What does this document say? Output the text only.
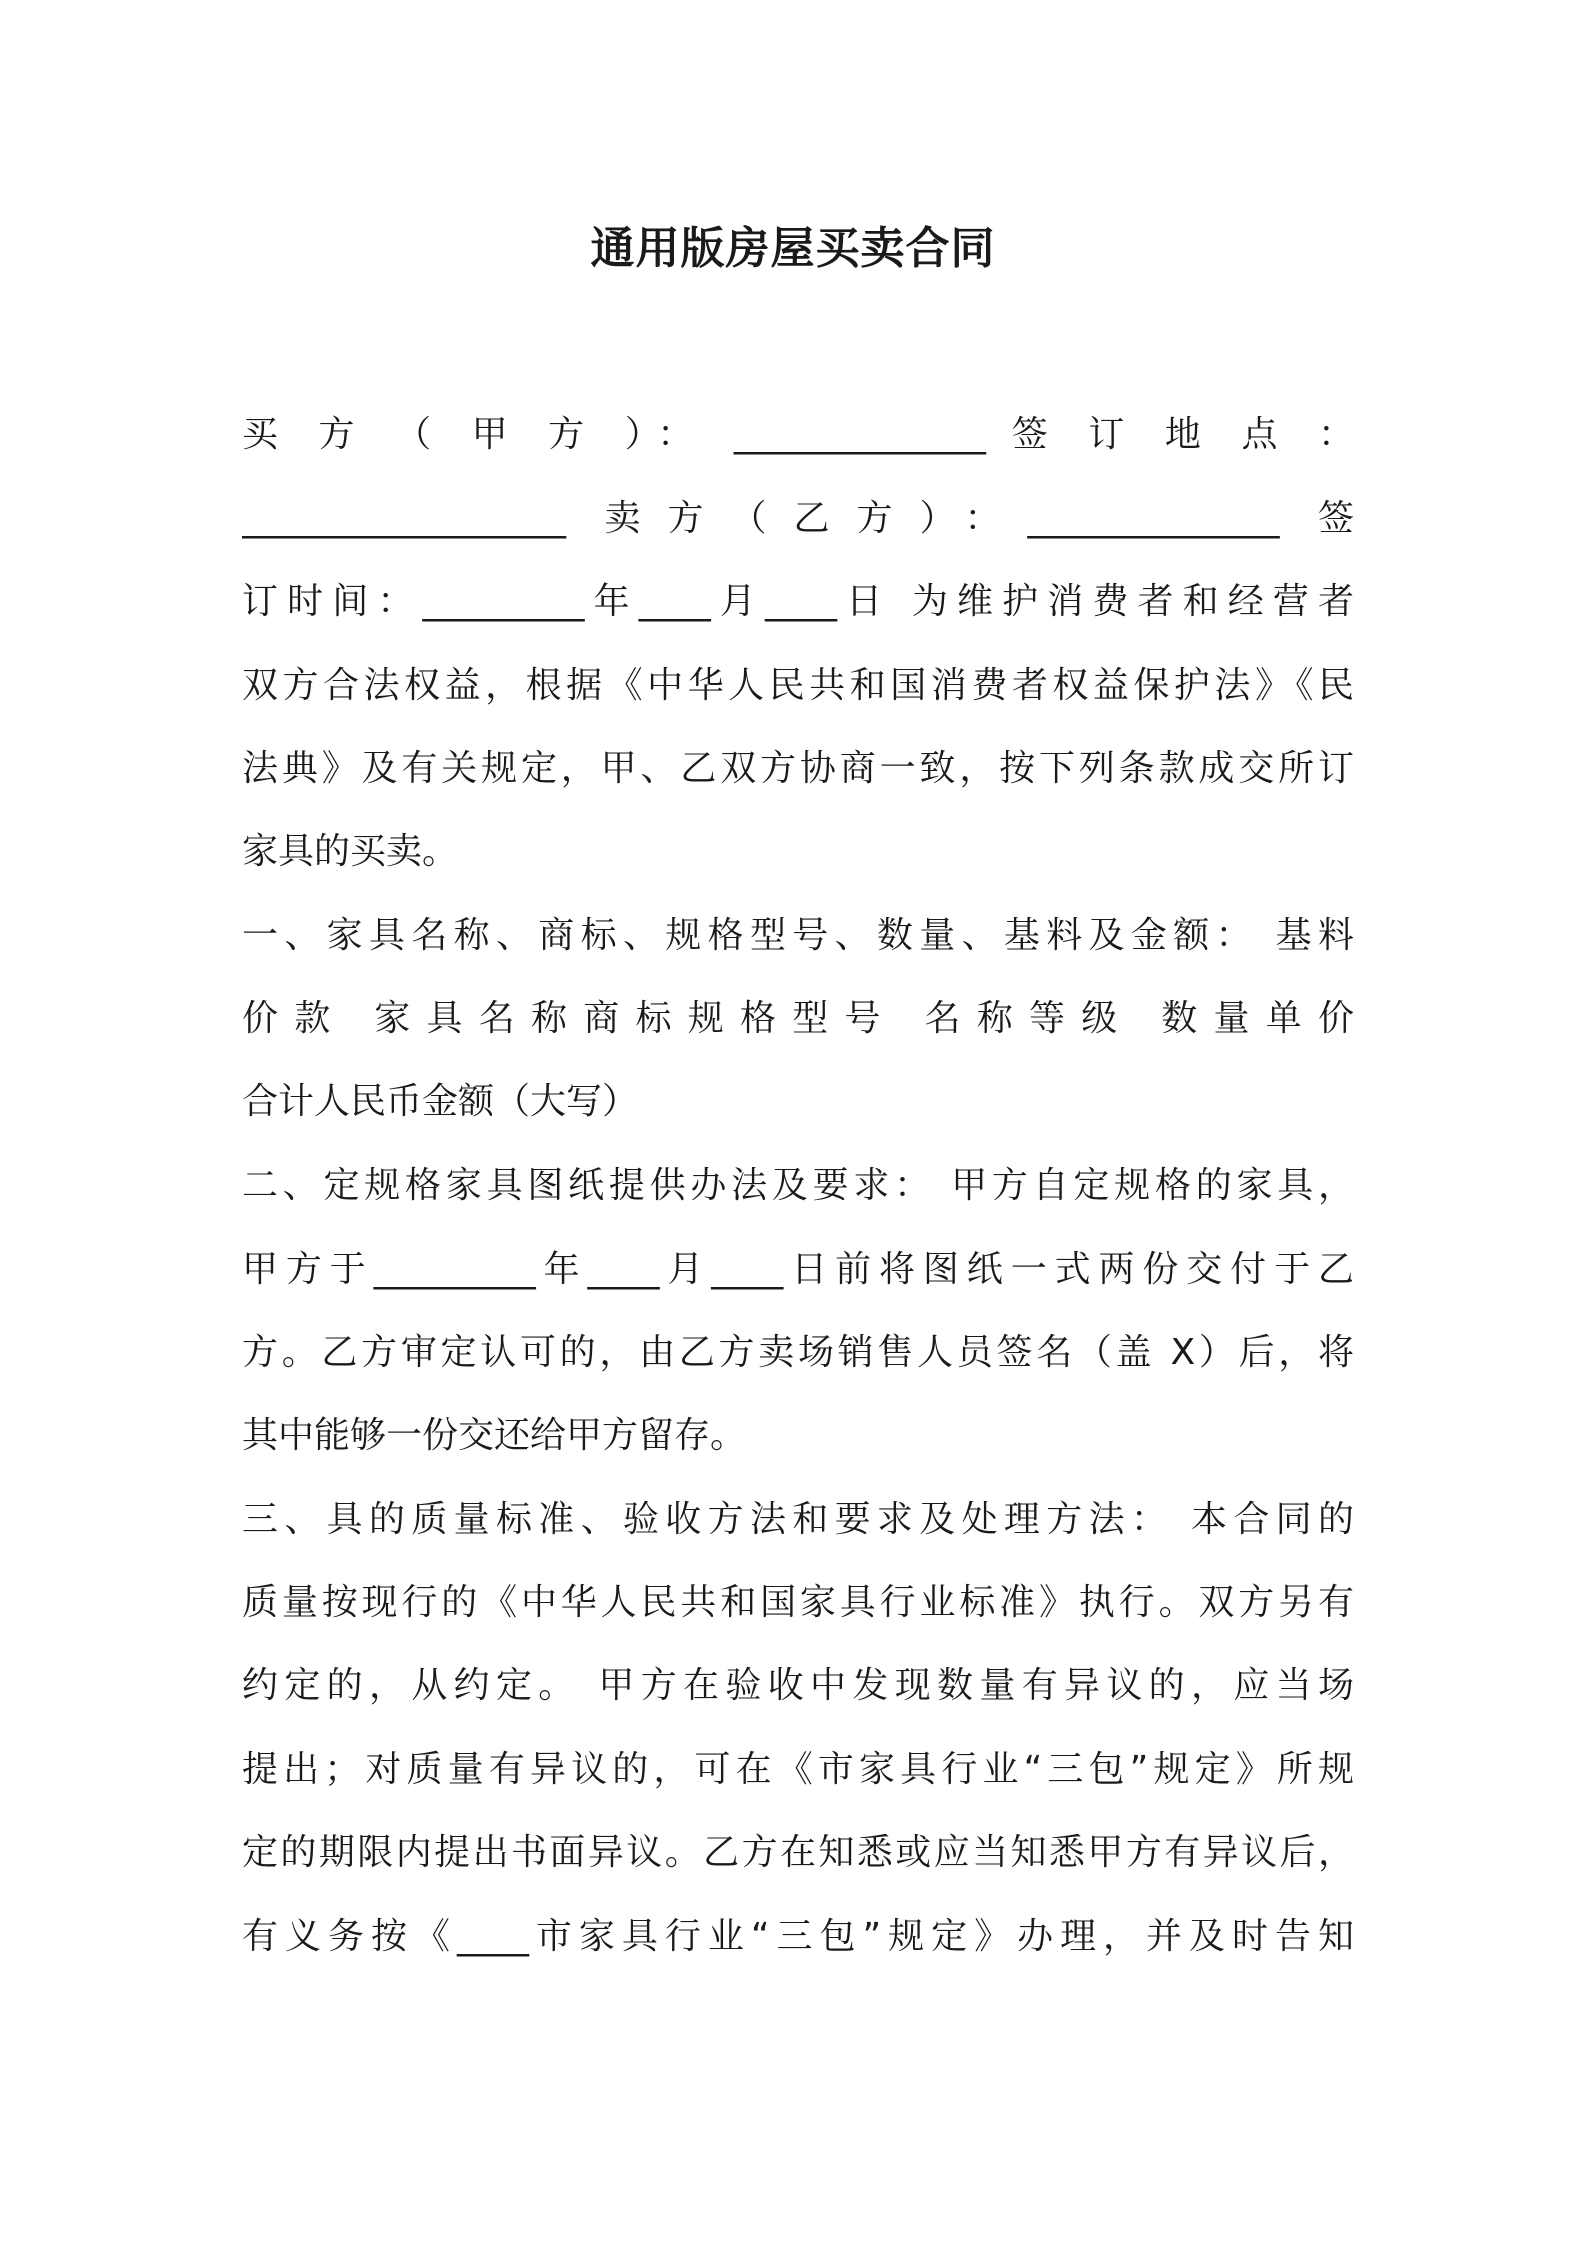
通用版房屋买卖合同
买 方 （ 甲 方 ）： ______________ 签 订 地 点 ：
__________________ 卖方（乙方）：______________ 签
订时间：_________年____月____日 为维护消费者和经营者
双方合法权益，根据《中华人民共和国消费者权益保护法》《民
法典》及有关规定，甲、乙双方协商一致，按下列条款成交所订
家具的买卖。
一、家具名称、商标、规格型号、数量、基料及金额： 基料
价款 家具名称商标规格型号 名称等级 数量单价
合计人民币金额（大写）
二、定规格家具图纸提供办法及要求： 甲方自定规格的家具，
甲方于_________年____月____日前将图纸一式两份交付于乙
方。乙方审定认可的，由乙方卖场销售人员签名（盖 X）后，将
其中能够一份交还给甲方留存。
三、具的质量标准、验收方法和要求及处理方法： 本合同的
质量按现行的《中华人民共和国家具行业标准》执行。双方另有
约定的，从约定。 甲方在验收中发现数量有异议的，应当场
提出；对质量有异议的，可在《市家具行业“三包”规定》所规
定的期限内提出书面异议。乙方在知悉或应当知悉甲方有异议后，
有义务按《____市家具行业“三包”规定》办理，并及时告知
